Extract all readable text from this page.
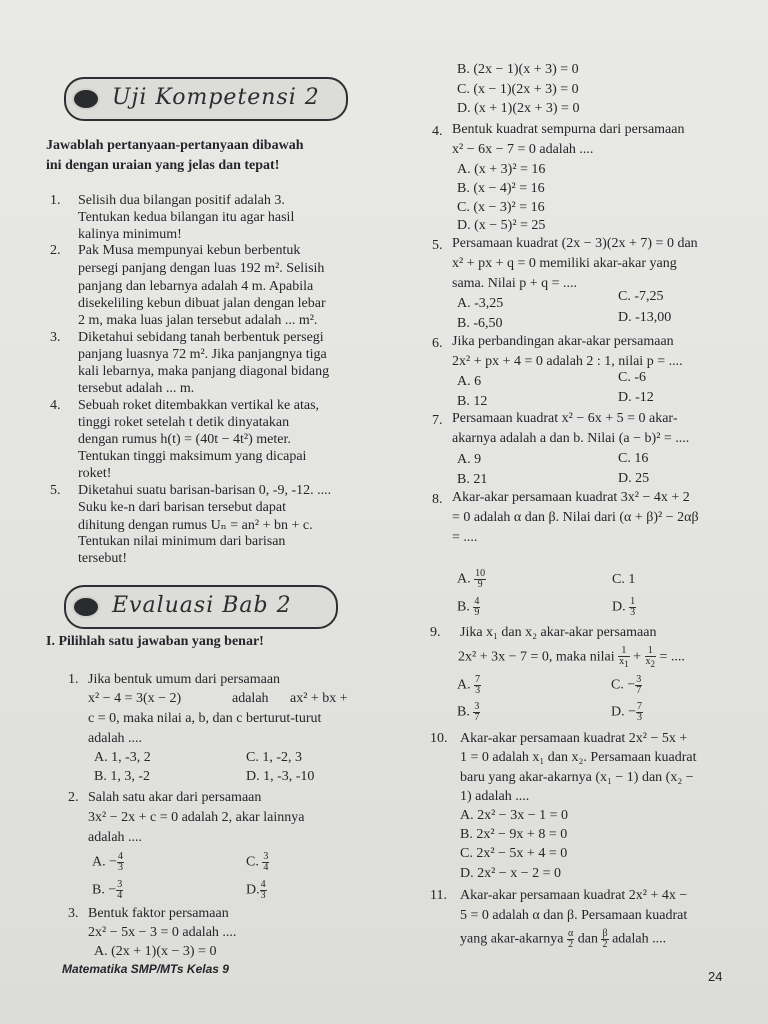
Uji Kompetensi 2
Jawablah pertanyaan-pertanyaan dibawah
ini dengan uraian yang jelas dan tepat!
1. Selisih dua bilangan positif adalah 3.
Tentukan kedua bilangan itu agar hasil
kalinya minimum!
2. Pak Musa mempunyai kebun berbentuk
persegi panjang dengan luas 192 m². Selisih
panjang dan lebarnya adalah 4 m. Apabila
disekeliling kebun dibuat jalan dengan lebar
2 m, maka luas jalan tersebut adalah ... m².
3. Diketahui sebidang tanah berbentuk persegi
panjang luasnya 72 m². Jika panjangnya tiga
kali lebarnya, maka panjang diagonal bidang
tersebut adalah ... m.
4. Sebuah roket ditembakkan vertikal ke atas,
tinggi roket setelah t detik dinyatakan
dengan rumus h(t) = (40t − 4t²) meter.
Tentukan tinggi maksimum yang dicapai
roket!
5. Diketahui suatu barisan-barisan 0, -9, -12. ....
Suku ke-n dari barisan tersebut dapat
dihitung dengan rumus Uₙ = an² + bn + c.
Tentukan nilai minimum dari barisan
tersebut!
Evaluasi Bab 2
I. Pilihlah satu jawaban yang benar!
1. Jika bentuk umum dari persamaan
x² − 4 = 3(x − 2)	adalah ax² + bx +
c = 0, maka nilai a, b, dan c berturut-turut
adalah ....
A. 1, -3, 2	C. 1, -2, 3
B. 1, 3, -2	D. 1, -3, -10
2. Salah satu akar dari persamaan
3x² − 2x + c = 0 adalah 2, akar lainnya
adalah ....
A. − $\frac{4}{3}$	C. $\frac{3}{4}$
B. − $\frac{3}{4}$	D. $\frac{4}{3}$
3. Bentuk faktor persamaan
2x² − 5x − 3 = 0 adalah ....
A. (2x + 1)(x − 3) = 0
Matematika SMP/MTs Kelas 9	24
B. (2x − 1)(x + 3) = 0
C. (x − 1)(2x + 3) = 0
D. (x + 1)(2x + 3) = 0
4. Bentuk kuadrat sempurna dari persamaan
x² − 6x − 7 = 0 adalah ....
A. (x + 3)² = 16
B. (x − 4)² = 16
C. (x − 3)² = 16
D. (x − 5)² = 25
5. Persamaan kuadrat (2x − 3)(2x + 7) = 0 dan
x² + px + q = 0 memiliki akar-akar yang
sama. Nilai p + q = ....
A. -3,25	C. -7,25
B. -6,50	D. -13,00
6. Jika perbandingan akar-akar persamaan
2x² + px + 4 = 0 adalah 2 : 1, nilai p = ....
A. 6	C. -6
B. 12	D. -12
7. Persamaan kuadrat x² − 6x + 5 = 0 akar-
akarnya adalah a dan b. Nilai (a − b)² = ....
A. 9	C. 16
B. 21	D. 25
8. Akar-akar persamaan kuadrat 3x² − 4x + 2
= 0 adalah α dan β. Nilai dari (α + β)² − 2αβ
= ....
A. $\frac{10}{9}$	C. 1
B. $\frac{4}{9}$	D. $\frac{1}{3}$
9. Jika x₁ dan x₂ akar-akar persamaan
2x² + 3x − 7 = 0, maka nilai $\frac{1}{x_1} + \frac{1}{x_2}$ = ....
A. $\frac{7}{3}$	C. − $\frac{3}{7}$
B. $\frac{3}{7}$	D. − $\frac{7}{3}$
10. Akar-akar persamaan kuadrat 2x² − 5x +
1 = 0 adalah x₁ dan x₂. Persamaan kuadrat
baru yang akar-akarnya (x₁ − 1) dan (x₂ −
1) adalah ....
A. 2x² − 3x − 1 = 0
B. 2x² − 9x + 8 = 0
C. 2x² − 5x + 4 = 0
D. 2x² − x − 2 = 0
11. Akar-akar persamaan kuadrat 2x² + 4x −
5 = 0 adalah α dan β. Persamaan kuadrat
yang akar-akarnya $\frac{\alpha}{2}$ dan $\frac{\beta}{2}$ adalah ....
